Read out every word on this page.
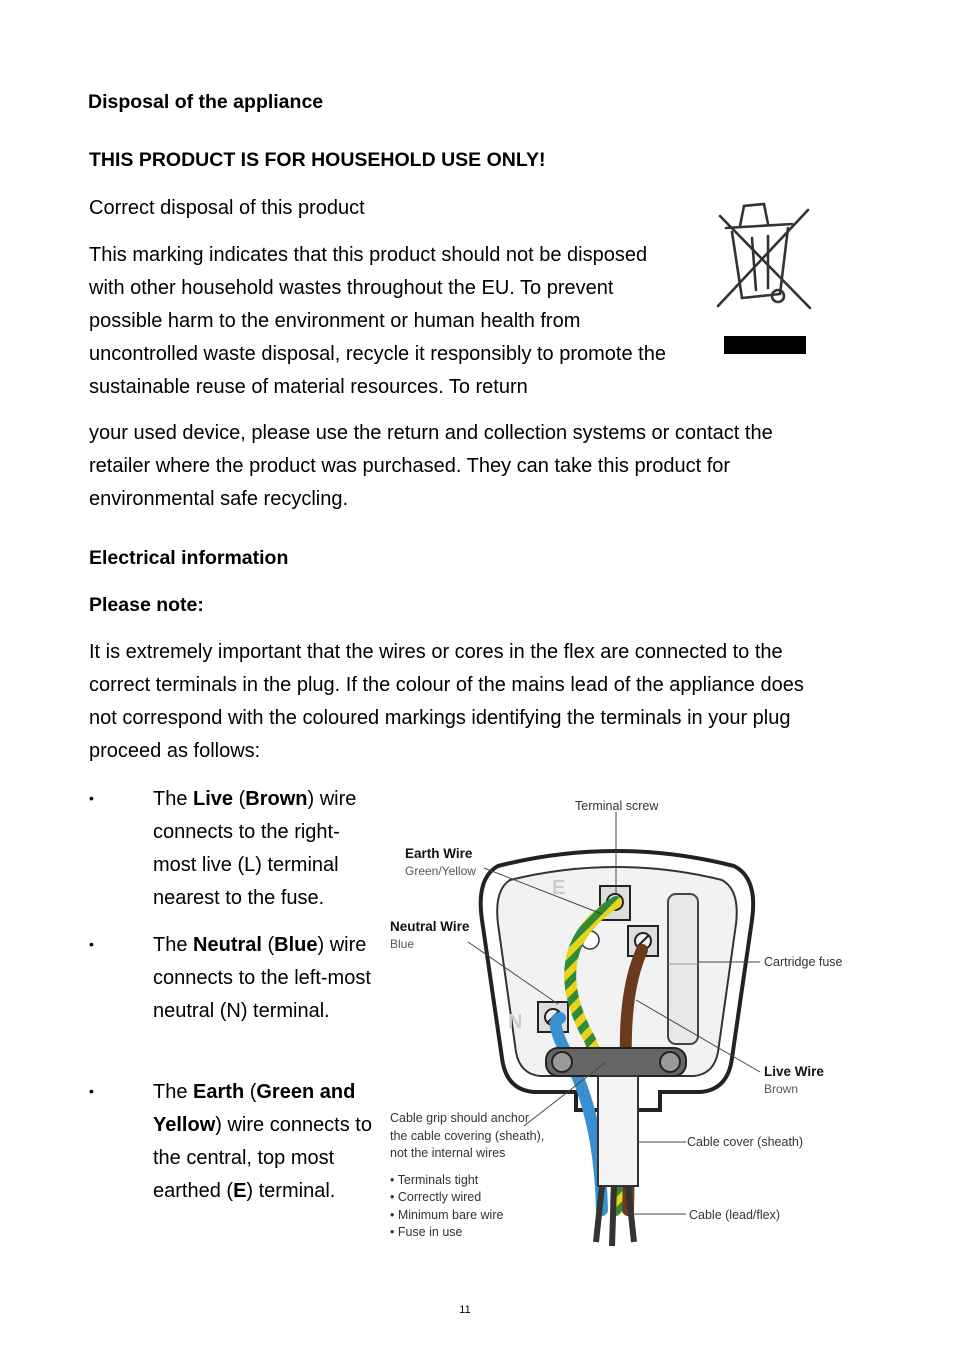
Disposal of the appliance
THIS PRODUCT IS FOR HOUSEHOLD USE ONLY!
Correct disposal of this product
This marking indicates that this product should not be disposed
with other household wastes throughout the EU. To prevent
possible harm to the environment or human health from
uncontrolled waste disposal, recycle it responsibly to promote the
sustainable reuse of material resources. To return
your used device, please use the return and collection systems or contact the
retailer where the product was purchased. They can take this product for
environmental safe recycling.
Electrical information
Please note:
It is extremely important that the wires or cores in the flex are connected to the
correct terminals in the plug. If the colour of the mains lead of the appliance does
not correspond with the coloured markings identifying the terminals in your plug
proceed as follows:
•	The Live (Brown) wire connects to the right-most live (L) terminal nearest to the fuse.
•	The Neutral (Blue) wire connects to the left-most neutral (N) terminal.
•	The Earth (Green and Yellow) wire connects to the central, top most earthed (E) terminal.
E
N
Terminal screw
Earth Wire
Green/Yellow
Neutral Wire
Blue
Cartridge fuse
Live Wire
Brown
Cable grip should anchor
the cable covering (sheath),
not the internal wires
Cable cover (sheath)
Cable (lead/flex)
• Terminals tight
• Correctly wired
• Minimum bare wire
• Fuse in use
11
